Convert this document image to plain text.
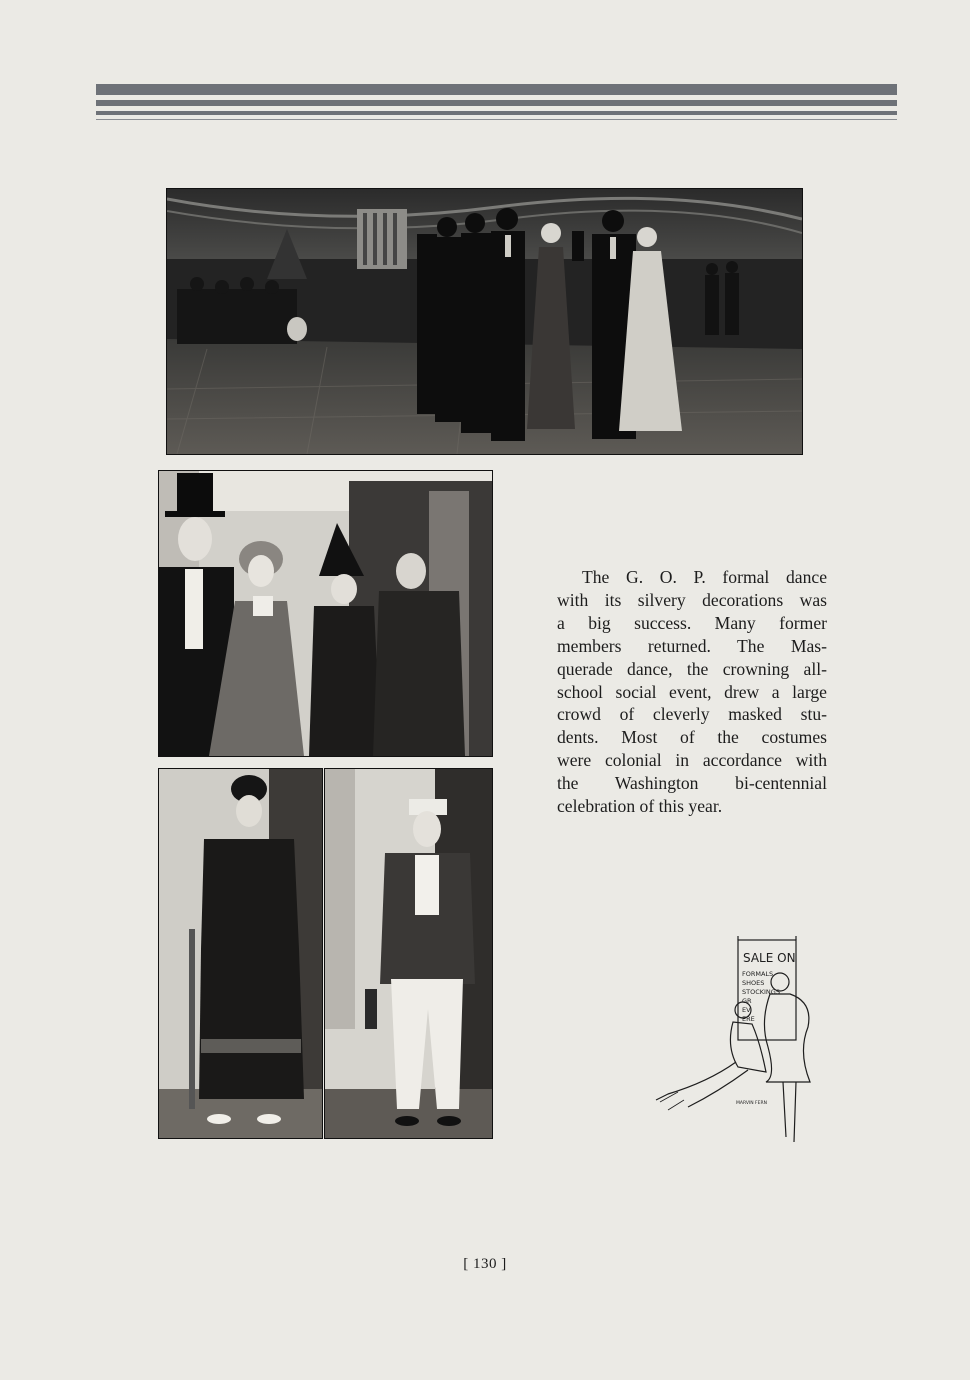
The G. O. P. formal dance
with its silvery decorations was
a big success. Many former
members returned. The Mas-
querade dance, the crowning all-
school social event, drew a large
crowd of cleverly masked stu-
dents. Most of the costumes
were colonial in accordance with
the Washington bi-centennial
celebration of this year.

SALE ON
FORMALS
SHOES
STOCKINGS
GR
EV
ERE
MARVIN FERN
[ 130 ]
